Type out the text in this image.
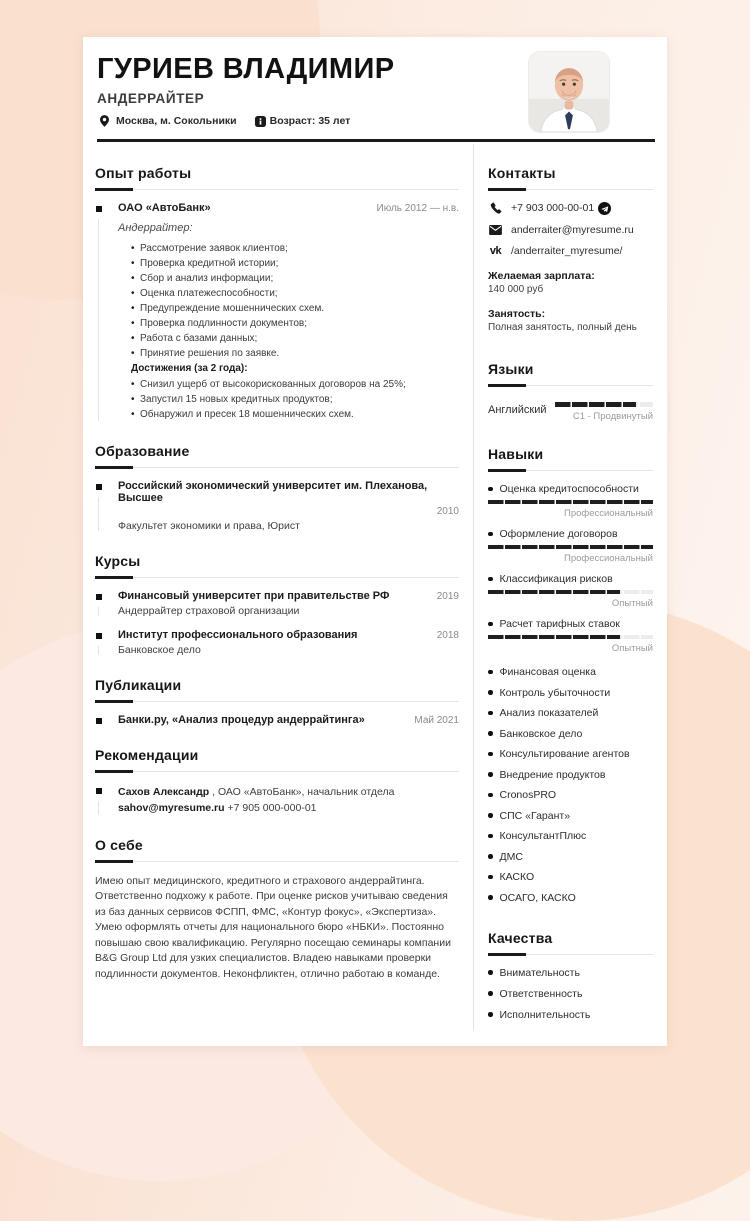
ГУРИЕВ ВЛАДИМИР
АНДЕРРАЙТЕР
Москва, м. Сокольники	Возраст: 35 лет
Опыт работы
ОАО «АвтоБанк»	Июль 2012 — н.в.
Андеррайтер:
• Рассмотрение заявок клиентов;
• Проверка кредитной истории;
• Сбор и анализ информации;
• Оценка платежеспособности;
• Предупреждение мошеннических схем.
• Проверка подлинности документов;
• Работа с базами данных;
• Принятие решения по заявке.
Достижения (за 2 года):
• Снизил ущерб от высокорискованных договоров на 25%;
• Запустил 15 новых кредитных продуктов;
• Обнаружил и пресек 18 мошеннических схем.
Образование
Российский экономический университет им. Плеханова, Высшее
2010
Факультет экономики и права, Юрист
Курсы
Финансовый университет при правительстве РФ	2019
Андеррайтер страховой организации
Институт профессионального образования	2018
Банковское дело
Публикации
Банки.ру, «Анализ процедур андеррайтинга»	Май 2021
Рекомендации
Сахов Александр , ОАО «АвтоБанк», начальник отдела
sahov@myresume.ru +7 905 000-000-01
О себе

Имею опыт медицинского, кредитного и страхового андеррайтинга. Ответственно подхожу к работе. При оценке рисков учитываю сведения из баз данных сервисов ФСПП, ФМС, «Контур фокус», «Экспертиза». Умею оформлять отчеты для национального бюро «НБКИ». Постоянно повышаю свою квалификацию. Регулярно посещаю семинары компании B&G Group Ltd для узких специалистов. Владею навыками проверки подлинности документов. Неконфликтен, отлично работаю в команде.

Контакты
+7 903 000-00-01
anderraiter@myresume.ru
vk /anderraiter_myresume/
Желаемая зарплата:
140 000 руб
Занятость:
Полная занятость, полный день
Языки
Английский
C1 - Продвинутый
Навыки
Оценка кредитоспособности
Профессиональный
Оформление договоров
Профессиональный
Классификация рисков
Опытный
Расчет тарифных ставок
Опытный
Финансовая оценка
Контроль убыточности
Анализ показателей
Банковское дело
Консультирование агентов
Внедрение продуктов
CronosPRO
СПС «Гарант»
КонсультантПлюс
ДМС
КАСКО
ОСАГО, КАСКО
Качества
Внимательность
Ответственность
Исполнительность
